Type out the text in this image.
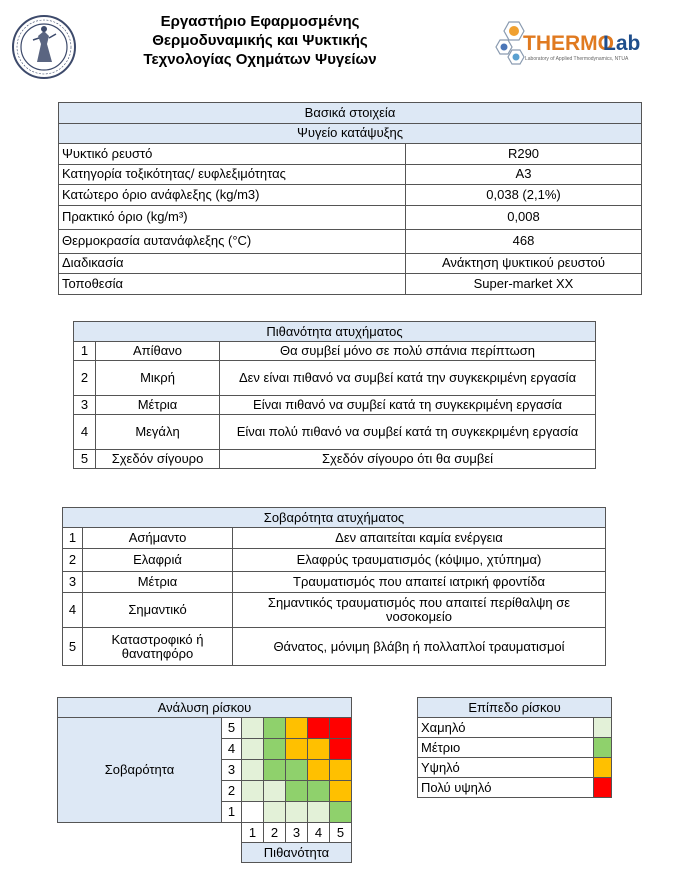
Εργαστήριο Εφαρμοσμένης
Θερμοδυναμικής και Ψυκτικής
Τεχνολογίας Οχημάτων Ψυγείων
THERMO
Lab
Laboratory of Applied Thermodynamics, NTUA
Βασικά στοιχεία	
Ψυγείο κατάψυξης	
Ψυκτικό ρευστό	R290
Κατηγορία τοξικότητας/ ευφλεξιμότητας	A3
Κατώτερο όριο ανάφλεξης (kg/m3)	0,038 (2,1%)
Πρακτικό όριο (kg/m³)	0,008
Θερμοκρασία αυτανάφλεξης (°C)	468
Διαδικασία	Ανάκτηση ψυκτικού ρευστού
Τοποθεσία	Super-market XX
Πιθανότητα ατυχήματος		
1	Απίθανο	Θα συμβεί μόνο σε πολύ σπάνια περίπτωση
2	Μικρή	Δεν είναι πιθανό να συμβεί κατά την συγκεκριμένη εργασία
3	Μέτρια	Είναι πιθανό να συμβεί κατά τη συγκεκριμένη εργασία
4	Μεγάλη	Είναι πολύ πιθανό να συμβεί κατά τη συγκεκριμένη εργασία
5	Σχεδόν σίγουρο	Σχεδόν σίγουρο ότι θα συμβεί
Σοβαρότητα ατυχήματος		
1	Ασήμαντο	Δεν απαιτείται καμία ενέργεια
2	Ελαφριά	Ελαφρύς τραυματισμός (κόψιμο, χτύπημα)
3	Μέτρια	Τραυματισμός που απαιτεί ιατρική φροντίδα
4	Σημαντικό	Σημαντικός τραυματισμός που απαιτεί περίθαλψη σε νοσοκομείο
5	Καταστροφικό ή θανατηφόρο	Θάνατος, μόνιμη βλάβη ή πολλαπλοί τραυματισμοί
Ανάλυση ρίσκου						
Σοβαρότητα	5					
	4					
	3					
	2					
	1					
		1	2	3	4	5
		Πιθανότητα				
Επίπεδο ρίσκου	
Χαμηλό	
Μέτριο	
Υψηλό	
Πολύ υψηλό	
